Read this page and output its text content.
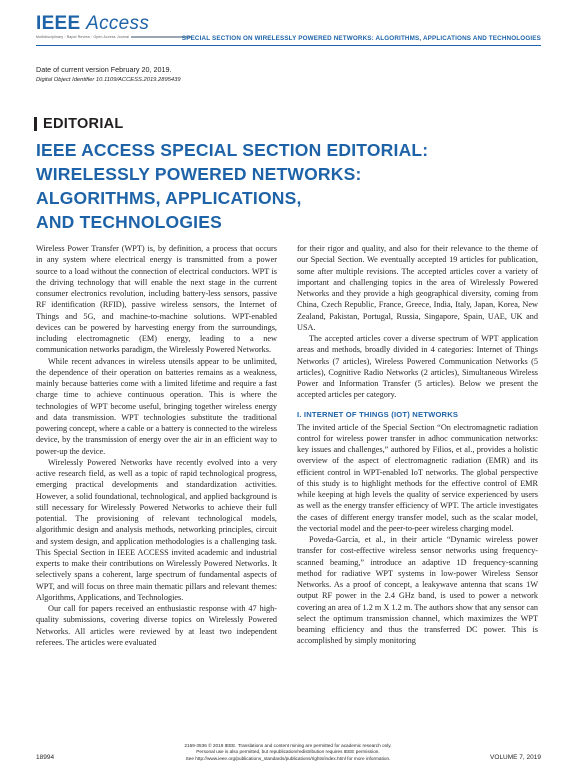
IEEE Access
Multidisciplinary : Rapid Review : Open Access Journal	SPECIAL SECTION ON WIRELESSLY POWERED NETWORKS: ALGORITHMS, APPLICATIONS AND TECHNOLOGIES
Date of current version February 20, 2019.
Digital Object Identifier 10.1109/ACCESS.2019.2895439
EDITORIAL
IEEE ACCESS SPECIAL SECTION EDITORIAL:
WIRELESSLY POWERED NETWORKS:
ALGORITHMS, APPLICATIONS,
AND TECHNOLOGIES

Wireless Power Transfer (WPT) is, by definition, a process that occurs in any system where electrical energy is transmitted from a power source to a load without the connection of electrical conductors. WPT is the driving technology that will enable the next stage in the current consumer electronics revolution, including battery-less sensors, passive RF identification (RFID), passive wireless sensors, the Internet of Things and 5G, and machine-to-machine solutions. WPT-enabled devices can be powered by harvesting energy from the surroundings, including electromagnetic (EM) energy, leading to a new communication networks paradigm, the Wirelessly Powered Networks.

While recent advances in wireless utensils appear to be unlimited, the dependence of their operation on batteries remains as a weakness, mainly because batteries come with a limited lifetime and require a fast charge time to achieve continuous operation. This is where the technologies of WPT become useful, bringing together wireless energy and data transmission. WPT technologies substitute the traditional powering concept, where a cable or a battery is connected to the wireless device, by the transmission of energy over the air in an efficient way to power-up the device.

Wirelessly Powered Networks have recently evolved into a very active research field, as well as a topic of rapid technological progress, emerging practical developments and standardization activities. However, a solid foundational, technological, and applied background is still necessary for Wirelessly Powered Networks to achieve their full potential. The provisioning of relevant technological models, algorithmic design and analysis methods, networking principles, circuit and system design, and application methodologies is a challenging task. This Special Section in IEEE ACCESS invited academic and industrial experts to make their contributions on Wirelessly Powered Networks. It selectively spans a coherent, large spectrum of fundamental aspects of WPT, and will focus on three main thematic pillars and relevant themes: Algorithms, Applications, and Technologies.

Our call for papers received an enthusiastic response with 47 high-quality submissions, covering diverse topics on Wirelessly Powered Networks. All articles were reviewed by at least two independent referees. The articles were evaluated

for their rigor and quality, and also for their relevance to the theme of our Special Section. We eventually accepted 19 articles for publication, some after multiple revisions. The accepted articles cover a variety of important and challenging topics in the area of Wirelessly Powered Networks and they provide a high geographical diversity, coming from China, Czech Republic, France, Greece, India, Italy, Japan, Korea, New Zealand, Pakistan, Portugal, Russia, Singapore, Spain, UAE, UK and USA.

The accepted articles cover a diverse spectrum of WPT application areas and methods, broadly divided in 4 categories: Internet of Things Networks (7 articles), Wireless Powered Communication Networks (5 articles), Cognitive Radio Networks (2 articles), Simultaneous Wireless Power and Information Transfer (5 articles). Below we present the accepted articles per category.

I. INTERNET OF THINGS (IOT) NETWORKS

The invited article of the Special Section “On electromagnetic radiation control for wireless power transfer in adhoc communication networks: key issues and challenges,” authored by Filios, et al., provides a holistic overview of the aspect of electromagnetic radiation (EMR) and its efficient control in WPT-enabled IoT networks. The global perspective of this study is to highlight methods for the effective control of EMR while keeping at high levels the quality of service experienced by users as well as the energy transfer efficiency of WPT. The article investigates the cases of different energy transfer model, such as the scalar model, the vectorial model and the peer-to-peer wireless charging model.

Poveda-García, et al., in their article “Dynamic wireless power transfer for cost-effective wireless sensor networks using frequency-scanned beaming,” introduce an adaptive 1D frequency-scanning method for radiative WPT systems in low-power Wireless Sensor Networks. As a proof of concept, a leakywave antenna that scans 1W output RF power in the 2.4 GHz band, is used to power a network covering an area of 1.2 m X 1.2 m. The authors show that any sensor can select the optimum transmission channel, which maximizes the WPT beaming efficiency and thus the transferred DC power. This is accomplished by simply monitoring

2169-3536 © 2019 IEEE. Translations and content mining are permitted for academic research only.
Personal use is also permitted, but republication/redistribution requires IEEE permission.
See http://www.ieee.org/publications_standards/publications/rights/index.html for more information.
18994	VOLUME 7, 2019
